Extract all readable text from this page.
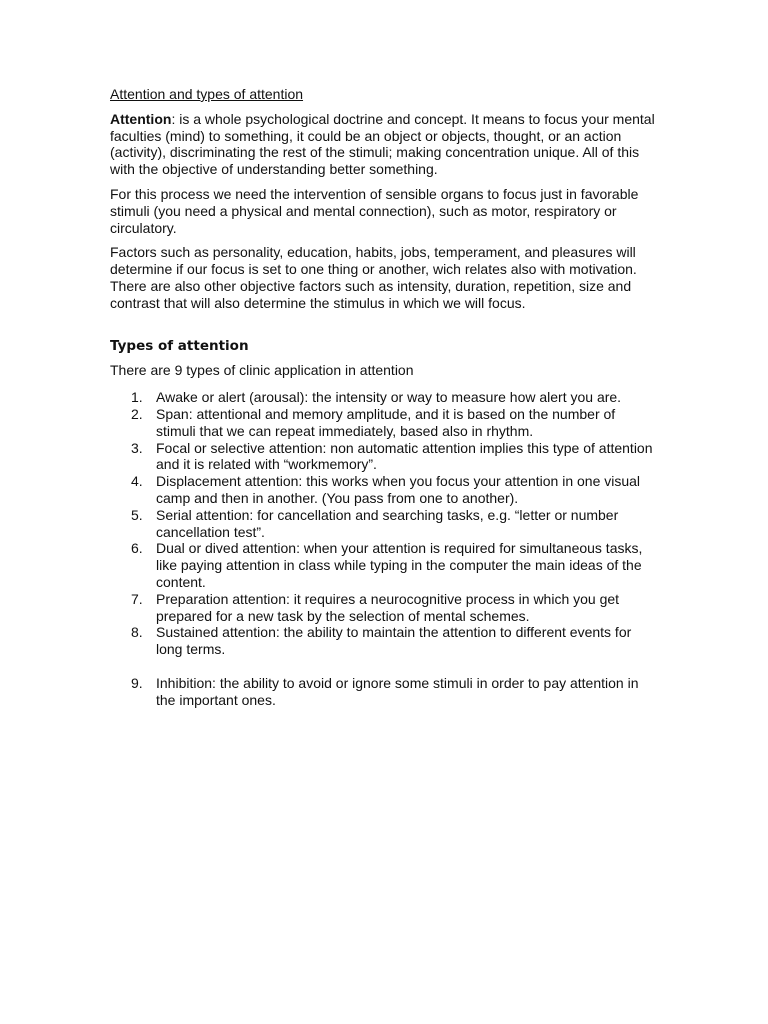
Attention and types of attention

Attention: is a whole psychological doctrine and concept. It means to focus your mental faculties (mind) to something, it could be an object or objects, thought, or an action (activity), discriminating the rest of the stimuli; making concentration unique. All of this with the objective of understanding better something.

For this process we need the intervention of sensible organs to focus just in favorable stimuli (you need a physical and mental connection), such as motor, respiratory or circulatory.

Factors such as personality, education, habits, jobs, temperament, and pleasures will determine if our focus is set to one thing or another, wich relates also with motivation. There are also other objective factors such as intensity, duration, repetition, size and contrast that will also determine the stimulus in which we will focus.

Types of attention

There are 9 types of clinic application in attention

1. Awake or alert (arousal): the intensity or way to measure how alert you are.
2. Span: attentional and memory amplitude, and it is based on the number of stimuli that we can repeat immediately, based also in rhythm.
3. Focal or selective attention: non automatic attention implies this type of attention and it is related with “workmemory”.
4. Displacement attention: this works when you focus your attention in one visual camp and then in another. (You pass from one to another).
5. Serial attention: for cancellation and searching tasks, e.g. “letter or number cancellation test”.
6. Dual or dived attention: when your attention is required for simultaneous tasks, like paying attention in class while typing in the computer the main ideas of the content.
7. Preparation attention: it requires a neurocognitive process in which you get prepared for a new task by the selection of mental schemes.
8. Sustained attention: the ability to maintain the attention to different events for long terms.
9. Inhibition: the ability to avoid or ignore some stimuli in order to pay attention in the important ones.
